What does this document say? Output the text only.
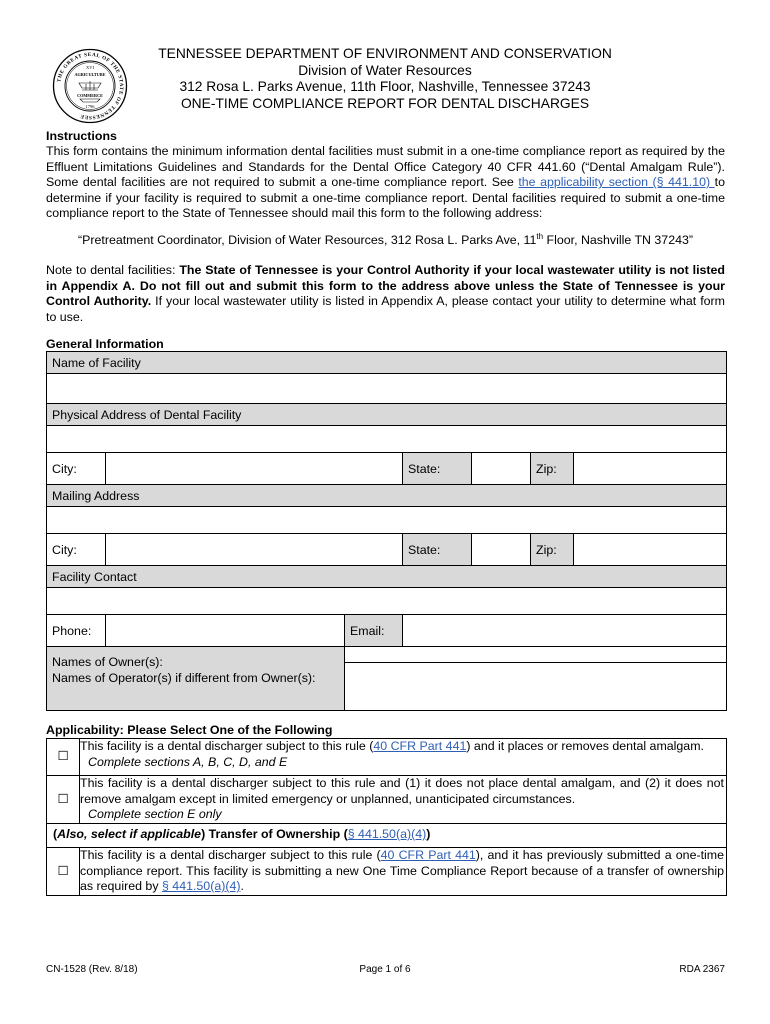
THE GREAT SEAL OF THE STATE OF TENNESSEE
XVI
AGRICULTURE
COMMERCE
1796
TENNESSEE DEPARTMENT OF ENVIRONMENT AND CONSERVATION
Division of Water Resources
312 Rosa L. Parks Avenue, 11th Floor, Nashville, Tennessee 37243
ONE-TIME COMPLIANCE REPORT FOR DENTAL DISCHARGES
Instructions
This form contains the minimum information dental facilities must submit in a one-time compliance report as required by the Effluent Limitations Guidelines and Standards for the Dental Office Category 40 CFR 441.60 (“Dental Amalgam Rule”). Some dental facilities are not required to submit a one-time compliance report. See the applicability section (§ 441.10) to determine if your facility is required to submit a one-time compliance report. Dental facilities required to submit a one-time compliance report to the State of Tennessee should mail this form to the following address:
“Pretreatment Coordinator, Division of Water Resources, 312 Rosa L. Parks Ave, 11th Floor, Nashville TN 37243”
Note to dental facilities: The State of Tennessee is your Control Authority if your local wastewater utility is not listed in Appendix A. Do not fill out and submit this form to the address above unless the State of Tennessee is your Control Authority. If your local wastewater utility is listed in Appendix A, please contact your utility to determine what form to use.
General Information
Name of Facility						

Physical Address of Dental Facility						

City:			State:		Zip:	
Mailing Address						

City:			State:		Zip:	
Facility Contact						

Phone:		Email:				

Names of Owner(s):
Names of Operator(s) if different from Owner(s):						

Applicability: Please Select One of the Following
☐	This facility is a dental discharger subject to this rule (40 CFR Part 441) and it places or removes dental amalgam.
Complete sections A, B, C, D, and E

☐	This facility is a dental discharger subject to this rule and (1) it does not place dental amalgam, and (2) it does not remove amalgam except in limited emergency or unplanned, unanticipated circumstances.
Complete section E only

(Also, select if applicable) Transfer of Ownership (§ 441.50(a)(4))	
☐	This facility is a dental discharger subject to this rule (40 CFR Part 441), and it has previously submitted a one-time compliance report. This facility is submitting a new One Time Compliance Report because of a transfer of ownership as required by § 441.50(a)(4).
CN-1528 (Rev. 8/18)	Page 1 of 6	RDA 2367
